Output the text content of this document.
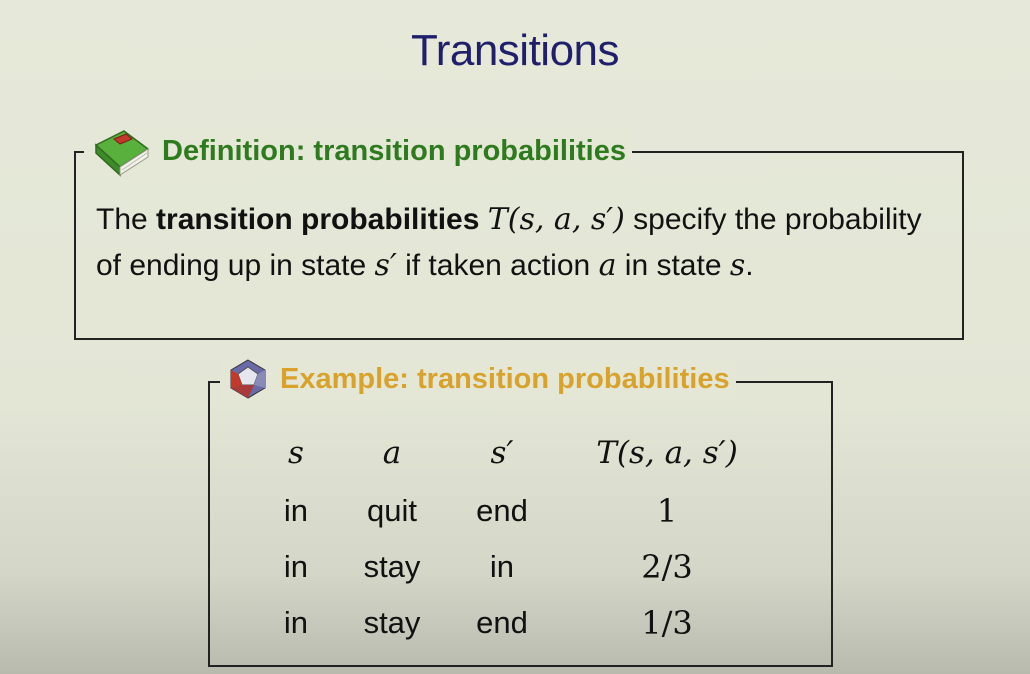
Transitions
Definition: transition probabilities
The transition probabilities T(s, a, s′) specify the probability of ending up in state s′ if taken action a in state s.
Example: transition probabilities
s	a	s′	T(s, a, s′)
in	quit	end	1
in	stay	in	2/3
in	stay	end	1/3
